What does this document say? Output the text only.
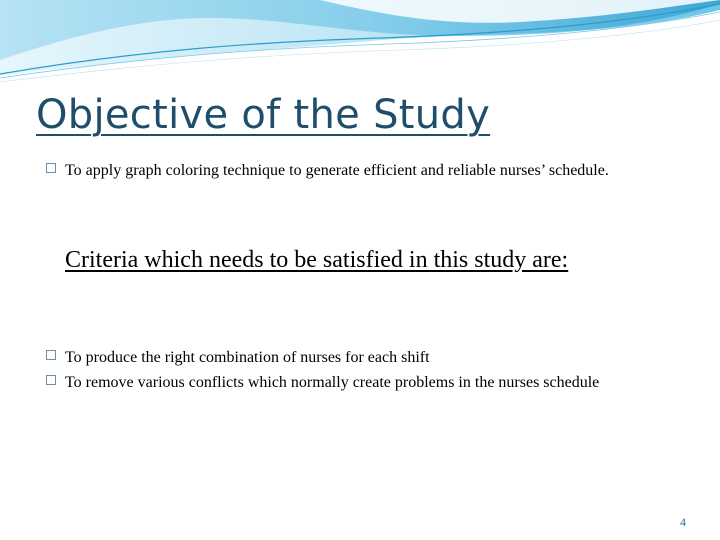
Objective of the Study
To apply graph coloring technique to generate efficient and reliable nurses’ schedule.
Criteria which needs to be satisfied in this study are:
To produce the right combination of nurses for each shift
To remove various conflicts which normally create problems in the nurses schedule
4
